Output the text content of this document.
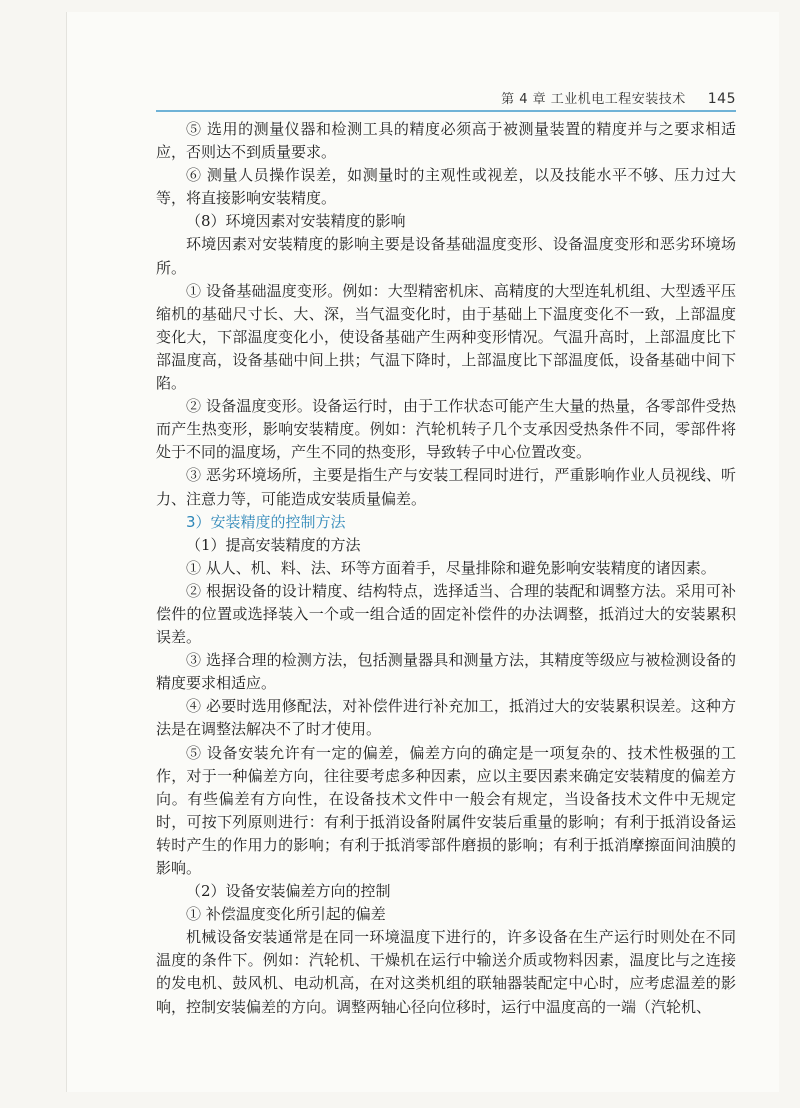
第 4 章 工业机电工程安装技术 145

⑤ 选用的测量仪器和检测工具的精度必须高于被测量装置的精度并与之要求相适应，否则达不到质量要求。

⑥ 测量人员操作误差，如测量时的主观性或视差，以及技能水平不够、压力过大等，将直接影响安装精度。

（8）环境因素对安装精度的影响

环境因素对安装精度的影响主要是设备基础温度变形、设备温度变形和恶劣环境场所。

① 设备基础温度变形。例如：大型精密机床、高精度的大型连轧机组、大型透平压缩机的基础尺寸长、大、深，当气温变化时，由于基础上下温度变化不一致，上部温度变化大，下部温度变化小，使设备基础产生两种变形情况。气温升高时，上部温度比下部温度高，设备基础中间上拱；气温下降时，上部温度比下部温度低，设备基础中间下陷。

② 设备温度变形。设备运行时，由于工作状态可能产生大量的热量，各零部件受热而产生热变形，影响安装精度。例如：汽轮机转子几个支承因受热条件不同，零部件将处于不同的温度场，产生不同的热变形，导致转子中心位置改变。

③ 恶劣环境场所，主要是指生产与安装工程同时进行，严重影响作业人员视线、听力、注意力等，可能造成安装质量偏差。

3）安装精度的控制方法

（1）提高安装精度的方法

① 从人、机、料、法、环等方面着手，尽量排除和避免影响安装精度的诸因素。

② 根据设备的设计精度、结构特点，选择适当、合理的装配和调整方法。采用可补偿件的位置或选择装入一个或一组合适的固定补偿件的办法调整，抵消过大的安装累积误差。

③ 选择合理的检测方法，包括测量器具和测量方法，其精度等级应与被检测设备的精度要求相适应。

④ 必要时选用修配法，对补偿件进行补充加工，抵消过大的安装累积误差。这种方法是在调整法解决不了时才使用。

⑤ 设备安装允许有一定的偏差，偏差方向的确定是一项复杂的、技术性极强的工作，对于一种偏差方向，往往要考虑多种因素，应以主要因素来确定安装精度的偏差方向。有些偏差有方向性，在设备技术文件中一般会有规定，当设备技术文件中无规定时，可按下列原则进行：有利于抵消设备附属件安装后重量的影响；有利于抵消设备运转时产生的作用力的影响；有利于抵消零部件磨损的影响；有利于抵消摩擦面间油膜的影响。

（2）设备安装偏差方向的控制

① 补偿温度变化所引起的偏差

机械设备安装通常是在同一环境温度下进行的，许多设备在生产运行时则处在不同温度的条件下。例如：汽轮机、干燥机在运行中输送介质或物料因素，温度比与之连接的发电机、鼓风机、电动机高，在对这类机组的联轴器装配定中心时，应考虑温差的影响，控制安装偏差的方向。调整两轴心径向位移时，运行中温度高的一端（汽轮机、
